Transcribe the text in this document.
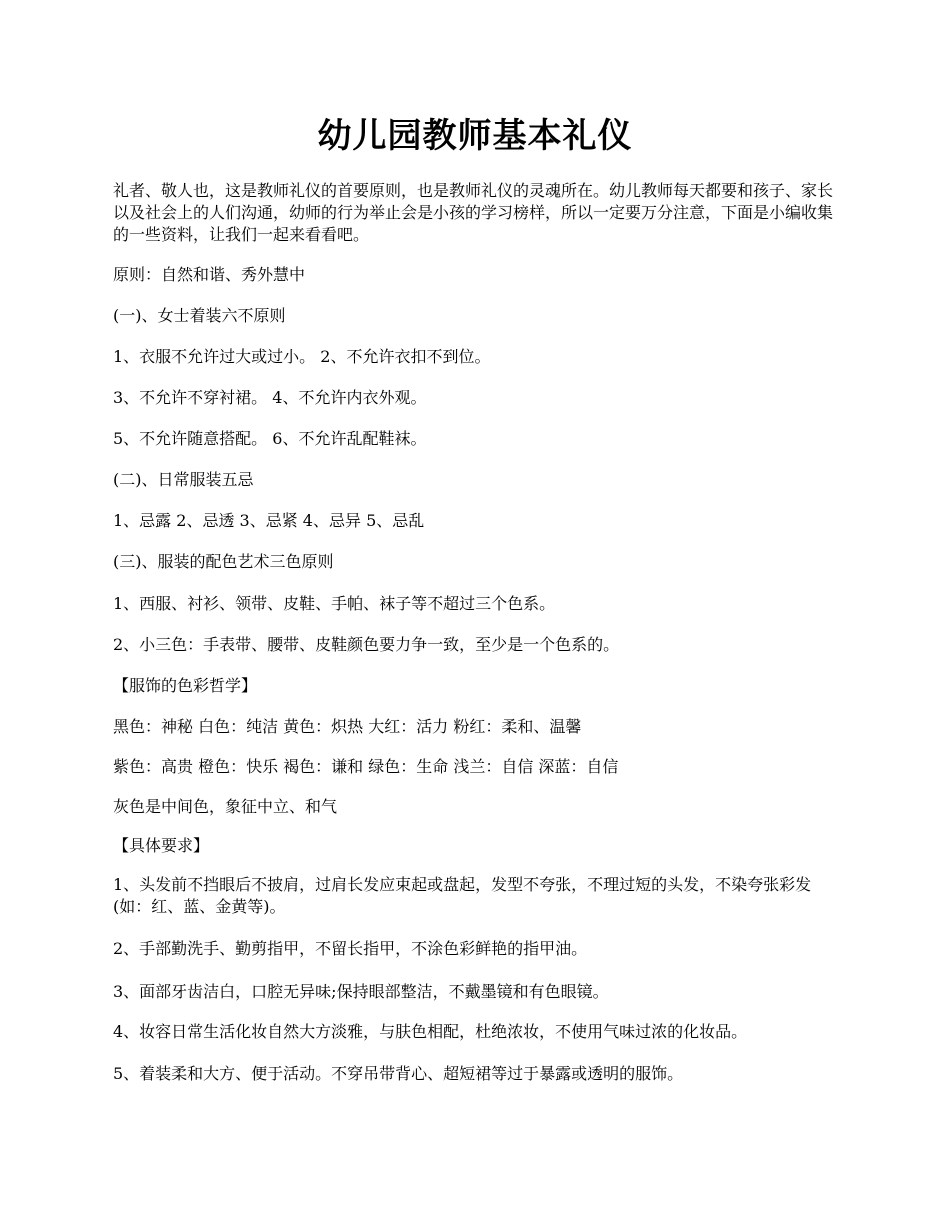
幼儿园教师基本礼仪

礼者、敬人也，这是教师礼仪的首要原则，也是教师礼仪的灵魂所在。幼儿教师每天都要和孩子、家长以及社会上的人们沟通，幼师的行为举止会是小孩的学习榜样，所以一定要万分注意，下面是小编收集的一些资料，让我们一起来看看吧。

原则：自然和谐、秀外慧中

(一)、女士着装六不原则

1、衣服不允许过大或过小。 2、不允许衣扣不到位。

3、不允许不穿衬裙。 4、不允许内衣外观。

5、不允许随意搭配。 6、不允许乱配鞋袜。

(二)、日常服装五忌

1、忌露 2、忌透 3、忌紧 4、忌异 5、忌乱

(三)、服装的配色艺术三色原则

1、西服、衬衫、领带、皮鞋、手帕、袜子等不超过三个色系。

2、小三色：手表带、腰带、皮鞋颜色要力争一致，至少是一个色系的。

【服饰的色彩哲学】

黑色：神秘 白色：纯洁 黄色：炽热 大红：活力 粉红：柔和、温馨

紫色：高贵 橙色：快乐 褐色：谦和 绿色：生命 浅兰：自信 深蓝：自信

灰色是中间色，象征中立、和气

【具体要求】

1、头发前不挡眼后不披肩，过肩长发应束起或盘起，发型不夸张，不理过短的头发，不染夸张彩发(如：红、蓝、金黄等)。

2、手部勤洗手、勤剪指甲，不留长指甲，不涂色彩鲜艳的指甲油。

3、面部牙齿洁白，口腔无异味;保持眼部整洁，不戴墨镜和有色眼镜。

4、妆容日常生活化妆自然大方淡雅，与肤色相配，杜绝浓妆，不使用气味过浓的化妆品。

5、着装柔和大方、便于活动。不穿吊带背心、超短裙等过于暴露或透明的服饰。
